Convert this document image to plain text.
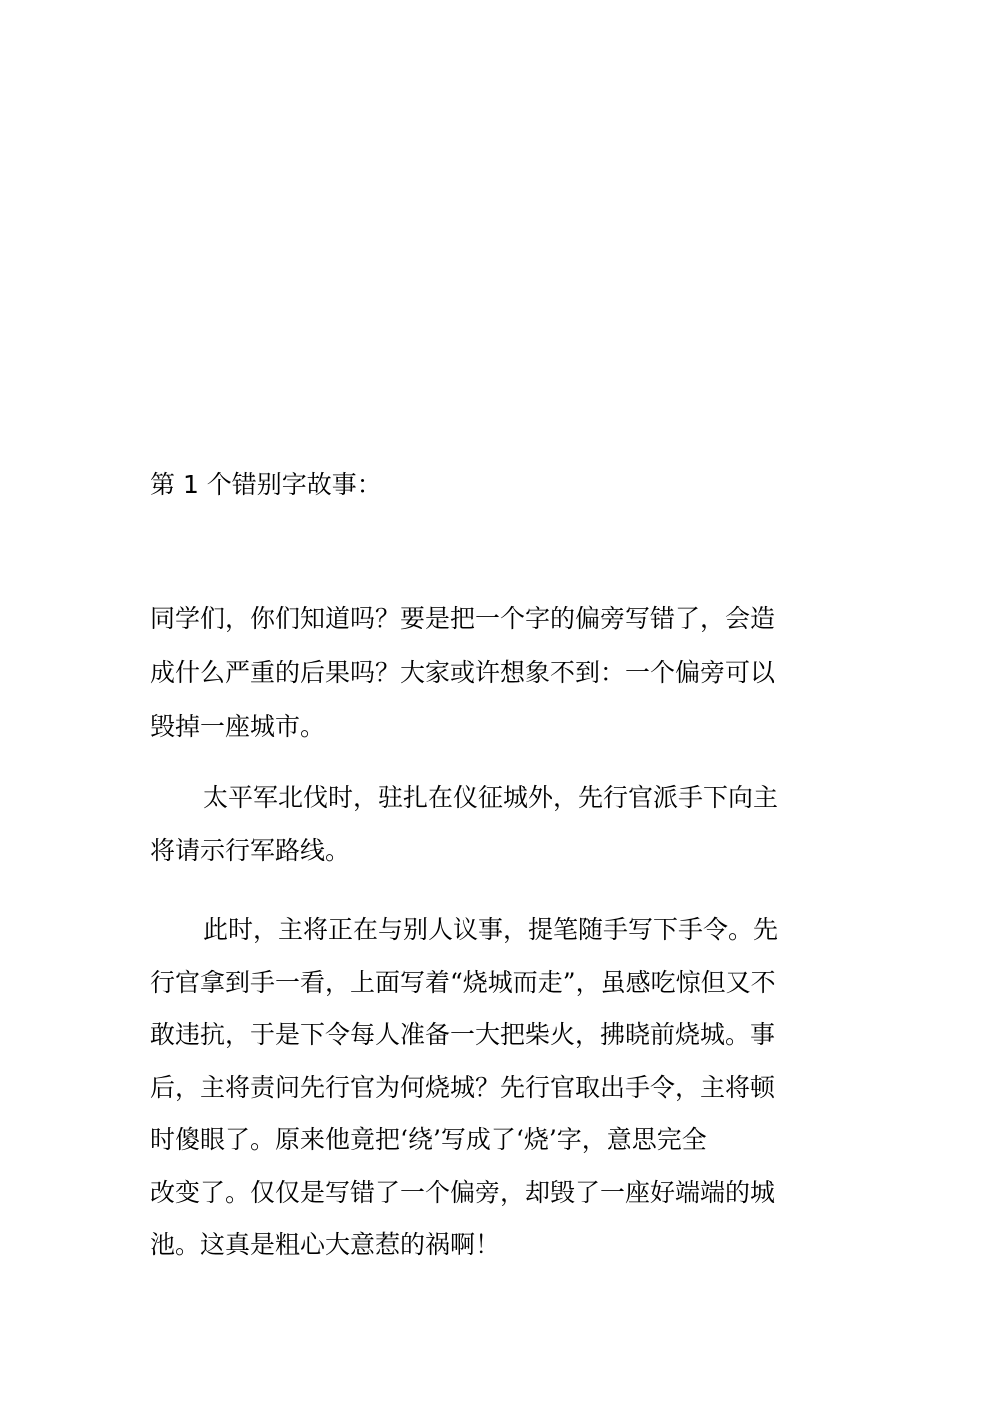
第 1 个错别字故事：

同学们，你们知道吗？要是把一个字的偏旁写错了，会造
成什么严重的后果吗？大家或许想象不到：一个偏旁可以
毁掉一座城市。

太平军北伐时，驻扎在仪征城外，先行官派手下向主
将请示行军路线。

此时，主将正在与别人议事，提笔随手写下手令。先
行官拿到手一看，上面写着“烧城而走”，虽感吃惊但又不
敢违抗，于是下令每人准备一大把柴火，拂晓前烧城。事
后，主将责问先行官为何烧城？先行官取出手令，主将顿
时傻眼了。原来他竟把‘绕’写成了‘烧’字，意思完全
改变了。仅仅是写错了一个偏旁，却毁了一座好端端的城
池。这真是粗心大意惹的祸啊！
